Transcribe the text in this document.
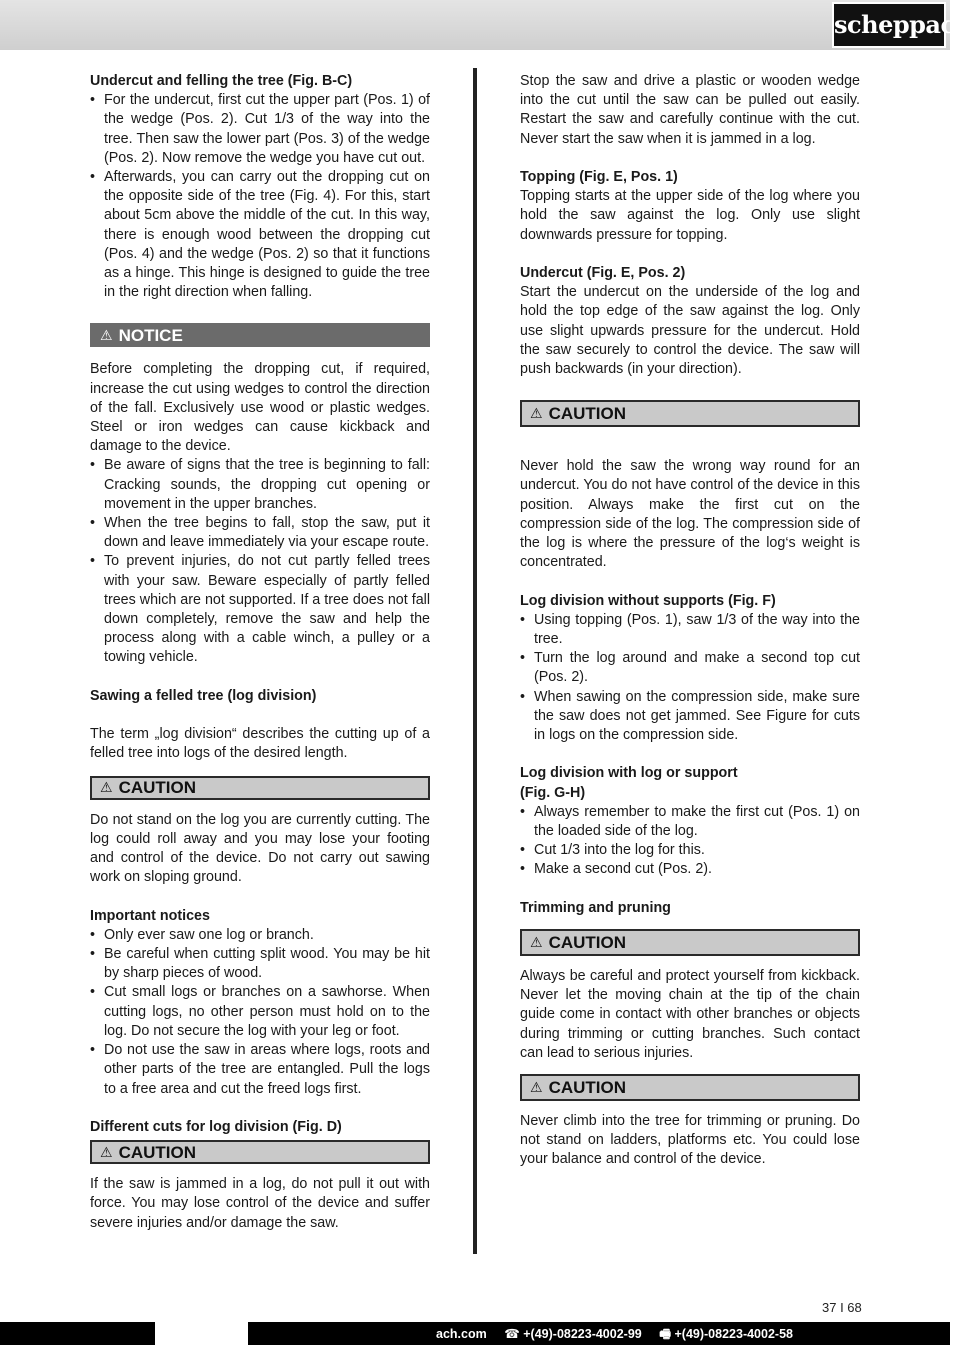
scheppach

Undercut and felling the tree (Fig. B-C)

• For the undercut, first cut the upper part (Pos. 1) of the wedge (Pos. 2). Cut 1/3 of the way into the tree. Then saw the lower part (Pos. 3) of the wedge (Pos. 2). Now remove the wedge you have cut out.
• Afterwards, you can carry out the dropping cut on the opposite side of the tree (Fig. 4). For this, start about 5cm above the middle of the cut. In this way, there is enough wood between the dropping cut (Pos. 4) and the wedge (Pos. 2) so that it functions as a hinge. This hinge is designed to guide the tree in the right direction when falling.
⚠ NOTICE

Before completing the dropping cut, if required, increase the cut using wedges to control the direction of the fall. Exclusively use wood or plastic wedges. Steel or iron wedges can cause kickback and damage to the device.

• Be aware of signs that the tree is beginning to fall: Cracking sounds, the dropping cut opening or movement in the upper branches.
• When the tree begins to fall, stop the saw, put it down and leave immediately via your escape route.
• To prevent injuries, do not cut partly felled trees with your saw. Beware especially of partly felled trees which are not supported. If a tree does not fall down completely, remove the saw and help the process along with a cable winch, a pulley or a towing vehicle.

Sawing a felled tree (log division)

The term „log division“ describes the cutting up of a felled tree into logs of the desired length.

⚠ CAUTION

Do not stand on the log you are currently cutting. The log could roll away and you may lose your footing and control of the device. Do not carry out sawing work on sloping ground.

Important notices

• Only ever saw one log or branch.
• Be careful when cutting split wood. You may be hit by sharp pieces of wood.
• Cut small logs or branches on a sawhorse. When cutting logs, no other person must hold on to the log. Do not secure the log with your leg or foot.
• Do not use the saw in areas where logs, roots and other parts of the tree are entangled. Pull the logs to a free area and cut the freed logs first.

Different cuts for log division (Fig. D)

⚠ CAUTION

If the saw is jammed in a log, do not pull it out with force. You may lose control of the device and suffer severe injuries and/or damage the saw.

Stop the saw and drive a plastic or wooden wedge into the cut until the saw can be pulled out easily. Restart the saw and carefully continue with the cut. Never start the saw when it is jammed in a log.

Topping (Fig. E, Pos. 1)

Topping starts at the upper side of the log where you hold the saw against the log. Only use slight downwards pressure for topping.

Undercut (Fig. E, Pos. 2)

Start the undercut on the underside of the log and hold the top edge of the saw against the log. Only use slight upwards pressure for the undercut. Hold the saw securely to control the device. The saw will push backwards (in your direction).

⚠ CAUTION

Never hold the saw the wrong way round for an undercut. You do not have control of the device in this position. Always make the first cut on the compression side of the log. The compression side of the log is where the pressure of the log‘s weight is concentrated.

Log division without supports (Fig. F)

• Using topping (Pos. 1), saw 1/3 of the way into the tree.
• Turn the log around and make a second top cut (Pos. 2).
• When sawing on the compression side, make sure the saw does not get jammed. See Figure for cuts in logs on the compression side.

Log division with log or support

(Fig. G-H)

• Always remember to make the first cut (Pos. 1) on the loaded side of the log.
• Cut 1/3 into the log for this.
• Make a second cut (Pos. 2).

Trimming and pruning

⚠ CAUTION

Always be careful and protect yourself from kickback. Never let the moving chain at the tip of the chain guide come in contact with other branches or objects during trimming or cutting branches. Such contact can lead to serious injuries.

⚠ CAUTION

Never climb into the tree for trimming or pruning. Do not stand on ladders, platforms etc. You could lose your balance and control of the device.

37 I 68
ach.com ☎ +(49)-08223-4002-99 🖷 +(49)-08223-4002-58
